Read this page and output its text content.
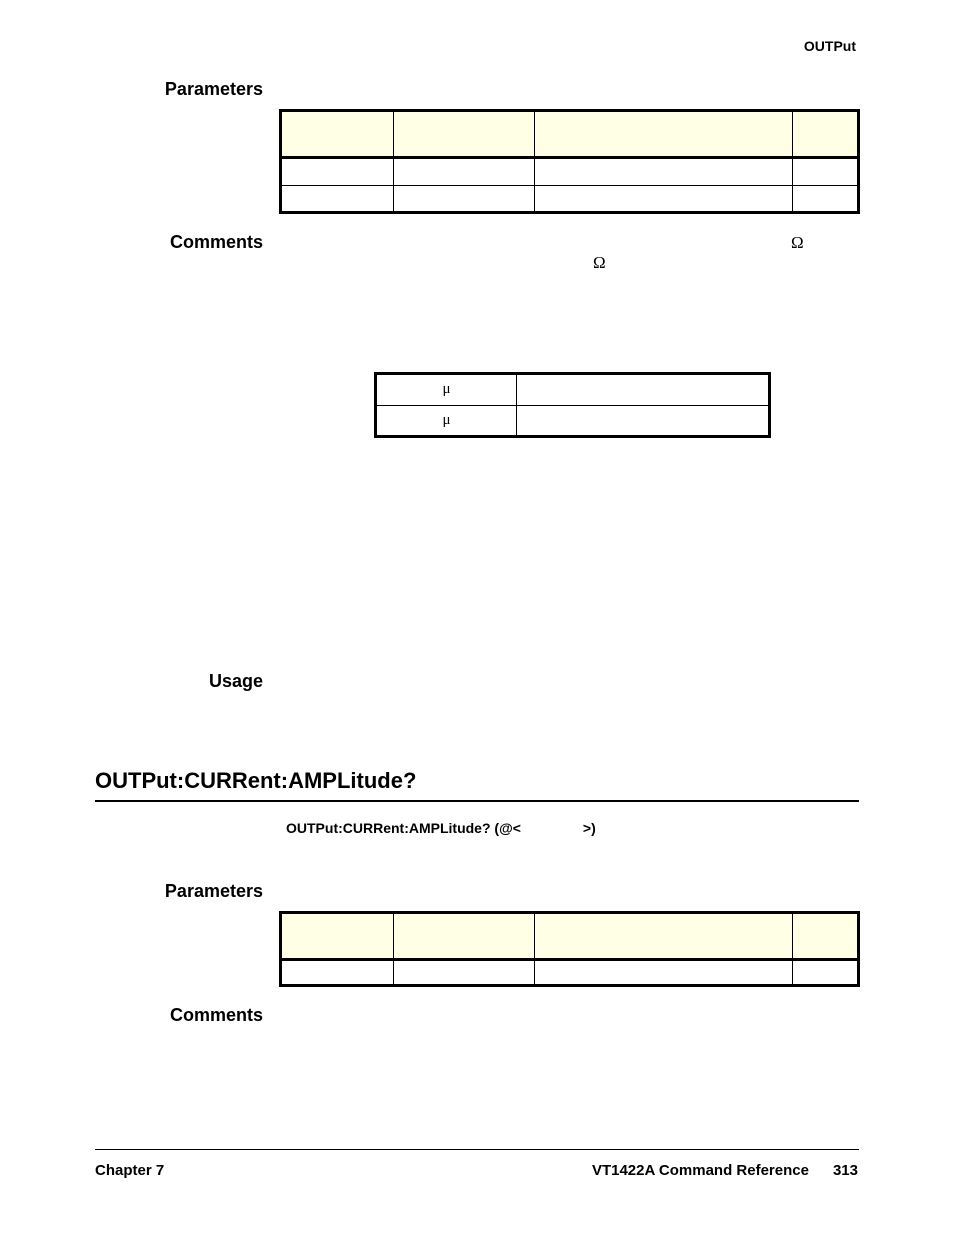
OUTPut
Parameters

Comments	Ω
Ω
μ	
μ	
Usage
OUTPut:CURRent:AMPLitude?
OUTPut:CURRent:AMPLitude? (@<	>)
Parameters

Comments
Chapter 7	VT1422A Command Reference 313
